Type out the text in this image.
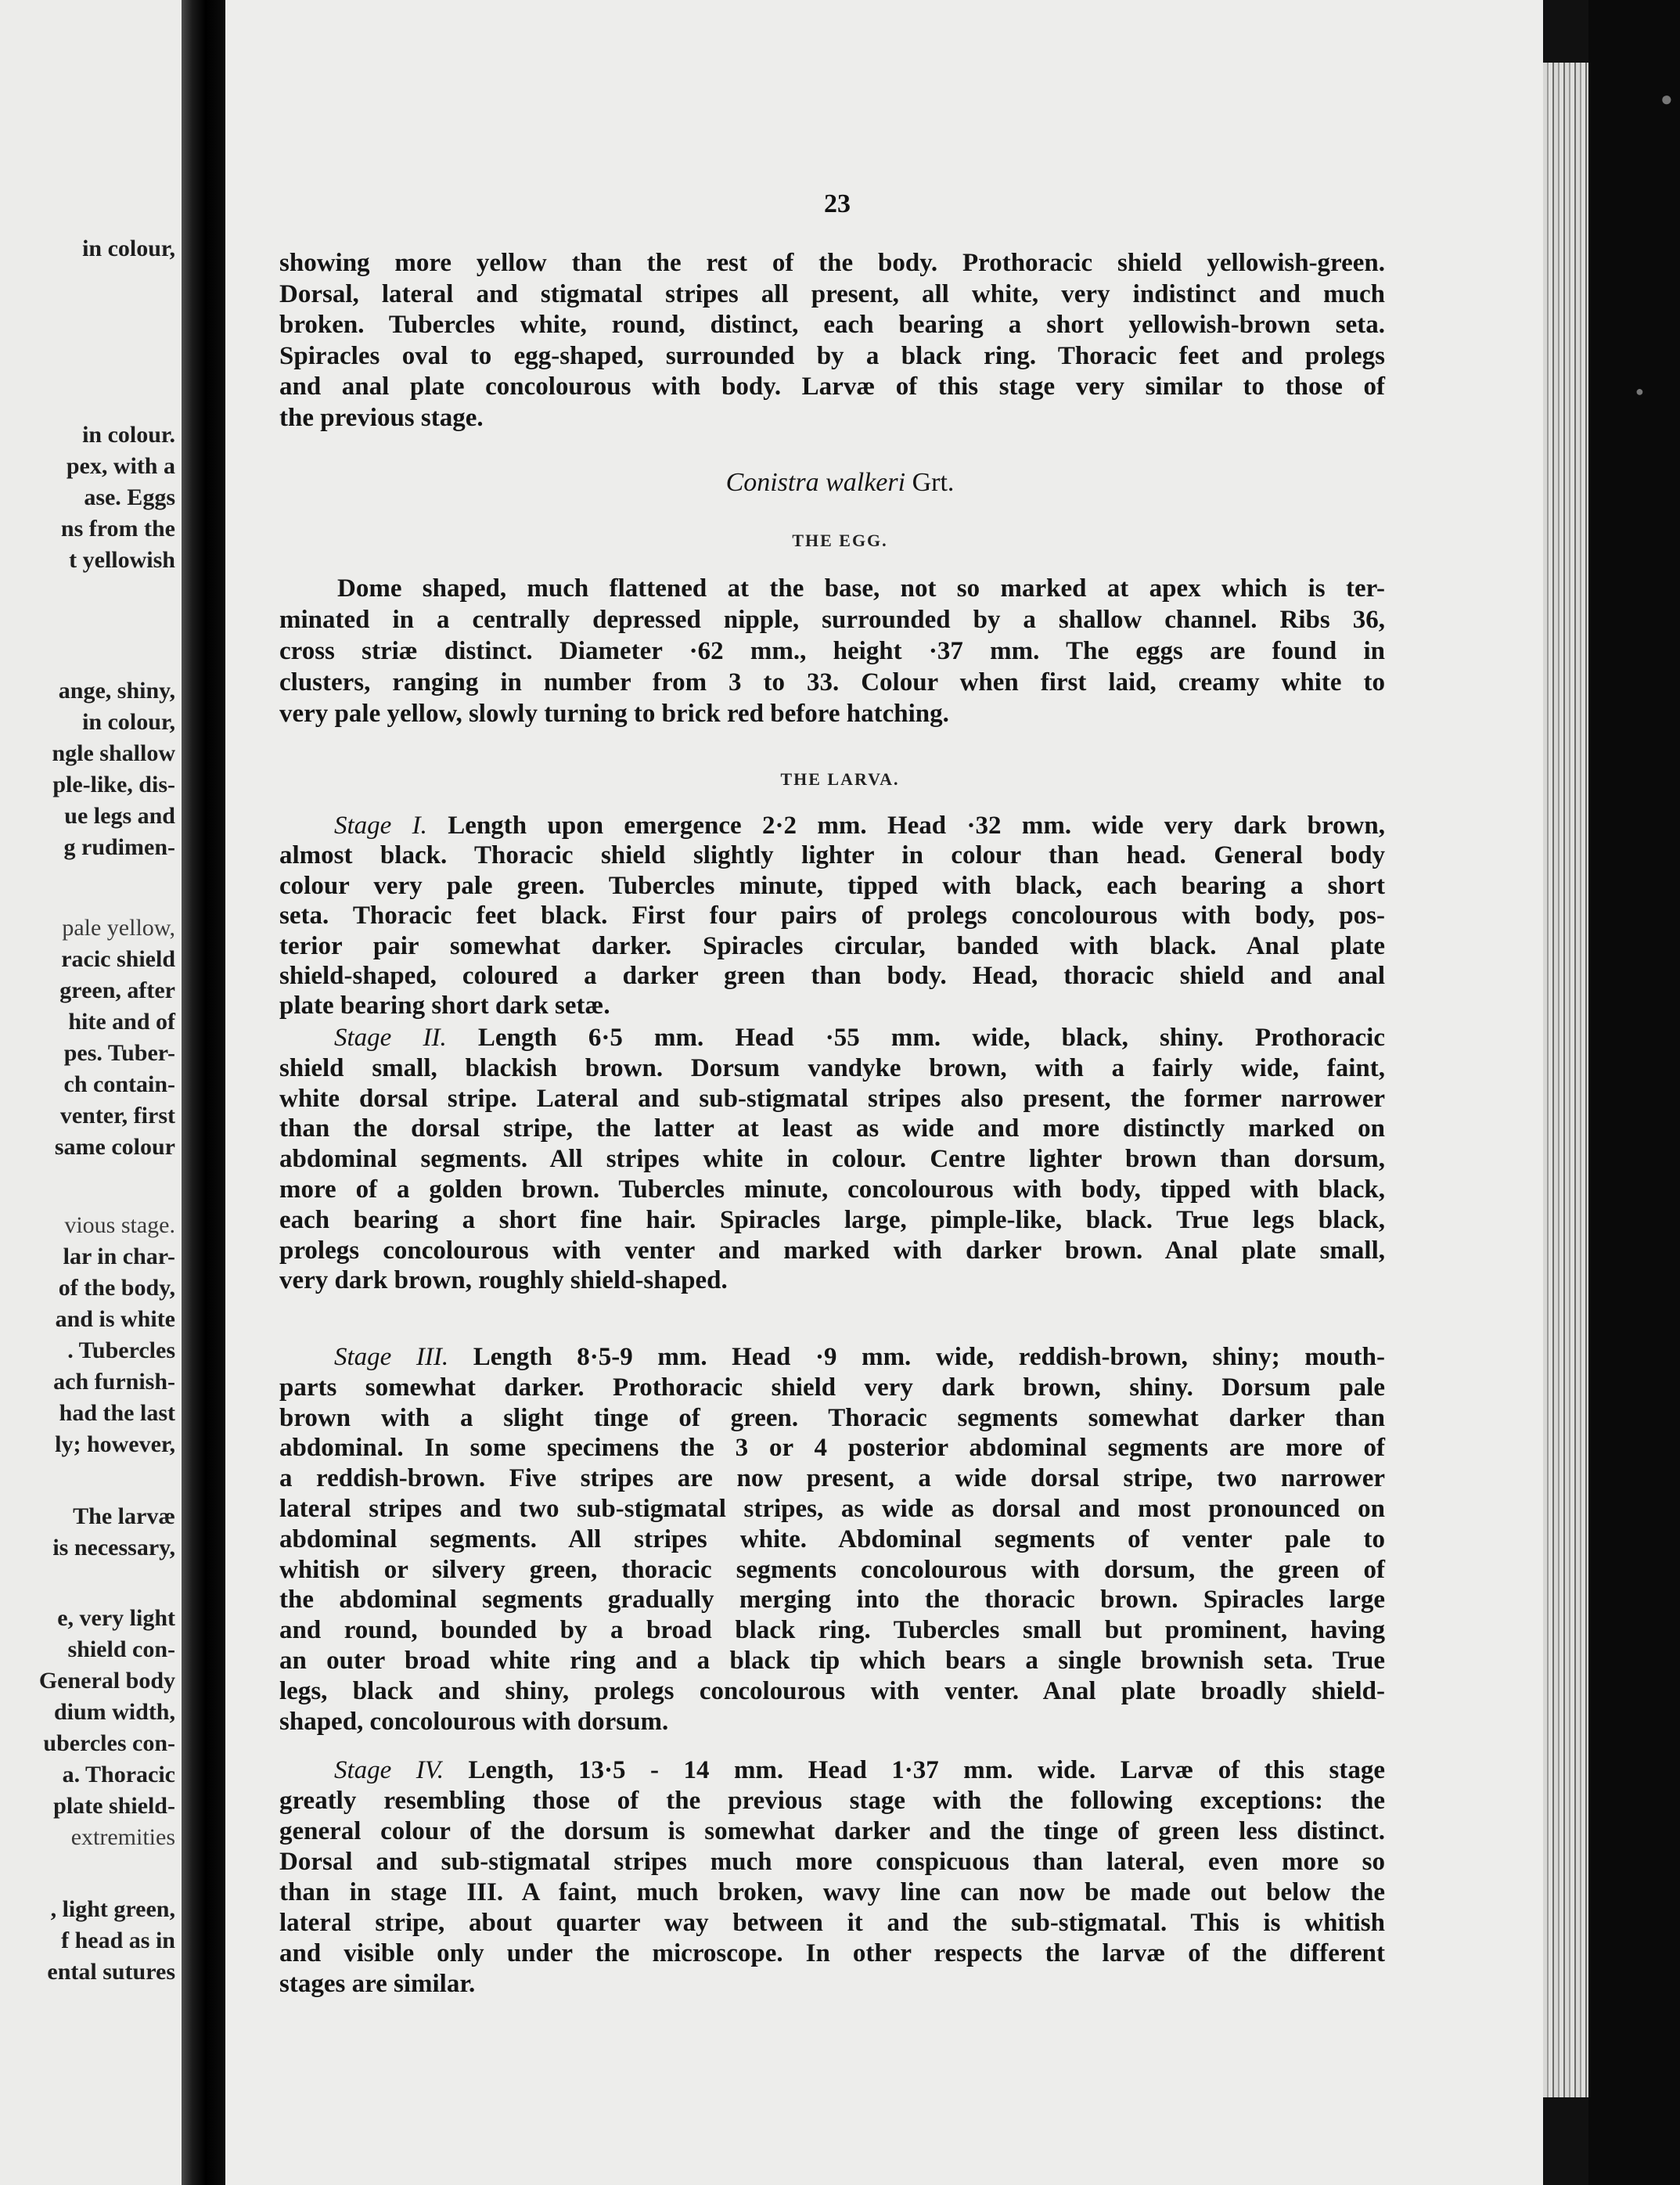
in colour,
in colour.
pex, with a
ase. Eggs
ns from the
t yellowish
ange, shiny,
in colour,
ngle shallow
ple-like, dis-
ue legs and
g rudimen-
pale yellow,
racic shield
green, after
hite and of
pes. Tuber-
ch contain-
venter, first
same colour
vious stage.
lar in char-
of the body,
and is white
. Tubercles
ach furnish-
had the last
ly; however,
The larvæ
is necessary,
e, very light
shield con-
General body
dium width,
ubercles con-
a. Thoracic
plate shield-
extremities
, light green,
f head as in
ental sutures
●
●
23

showing more yellow than the rest of the body. Prothoracic shield yellowish-green.

Dorsal, lateral and stigmatal stripes all present, all white, very indistinct and much

broken. Tubercles white, round, distinct, each bearing a short yellowish-brown seta.

Spiracles oval to egg-shaped, surrounded by a black ring. Thoracic feet and prolegs

and anal plate concolourous with body. Larvæ of this stage very similar to those of

the previous stage.

Dome shaped, much flattened at the base, not so marked at apex which is ter-

minated in a centrally depressed nipple, surrounded by a shallow channel. Ribs 36,

cross striæ distinct. Diameter ·62 mm., height ·37 mm. The eggs are found in

clusters, ranging in number from 3 to 33. Colour when first laid, creamy white to

very pale yellow, slowly turning to brick red before hatching.

Stage I. Length upon emergence 2·2 mm. Head ·32 mm. wide very dark brown,

almost black. Thoracic shield slightly lighter in colour than head. General body

colour very pale green. Tubercles minute, tipped with black, each bearing a short

seta. Thoracic feet black. First four pairs of prolegs concolourous with body, pos-

terior pair somewhat darker. Spiracles circular, banded with black. Anal plate

shield-shaped, coloured a darker green than body. Head, thoracic shield and anal

plate bearing short dark setæ.

Stage II. Length 6·5 mm. Head ·55 mm. wide, black, shiny. Prothoracic

shield small, blackish brown. Dorsum vandyke brown, with a fairly wide, faint,

white dorsal stripe. Lateral and sub-stigmatal stripes also present, the former narrower

than the dorsal stripe, the latter at least as wide and more distinctly marked on

abdominal segments. All stripes white in colour. Centre lighter brown than dorsum,

more of a golden brown. Tubercles minute, concolourous with body, tipped with black,

each bearing a short fine hair. Spiracles large, pimple-like, black. True legs black,

prolegs concolourous with venter and marked with darker brown. Anal plate small,

very dark brown, roughly shield-shaped.

Stage III. Length 8·5-9 mm. Head ·9 mm. wide, reddish-brown, shiny; mouth-

parts somewhat darker. Prothoracic shield very dark brown, shiny. Dorsum pale

brown with a slight tinge of green. Thoracic segments somewhat darker than

abdominal. In some specimens the 3 or 4 posterior abdominal segments are more of

a reddish-brown. Five stripes are now present, a wide dorsal stripe, two narrower

lateral stripes and two sub-stigmatal stripes, as wide as dorsal and most pronounced on

abdominal segments. All stripes white. Abdominal segments of venter pale to

whitish or silvery green, thoracic segments concolourous with dorsum, the green of

the abdominal segments gradually merging into the thoracic brown. Spiracles large

and round, bounded by a broad black ring. Tubercles small but prominent, having

an outer broad white ring and a black tip which bears a single brownish seta. True

legs, black and shiny, prolegs concolourous with venter. Anal plate broadly shield-

shaped, concolourous with dorsum.

Stage IV. Length, 13·5 - 14 mm. Head 1·37 mm. wide. Larvæ of this stage

greatly resembling those of the previous stage with the following exceptions: the

general colour of the dorsum is somewhat darker and the tinge of green less distinct.

Dorsal and sub-stigmatal stripes much more conspicuous than lateral, even more so

than in stage III. A faint, much broken, wavy line can now be made out below the

lateral stripe, about quarter way between it and the sub-stigmatal. This is whitish

and visible only under the microscope. In other respects the larvæ of the different

stages are similar.

Conistra walkeri Grt.

THE EGG.

THE LARVA.
